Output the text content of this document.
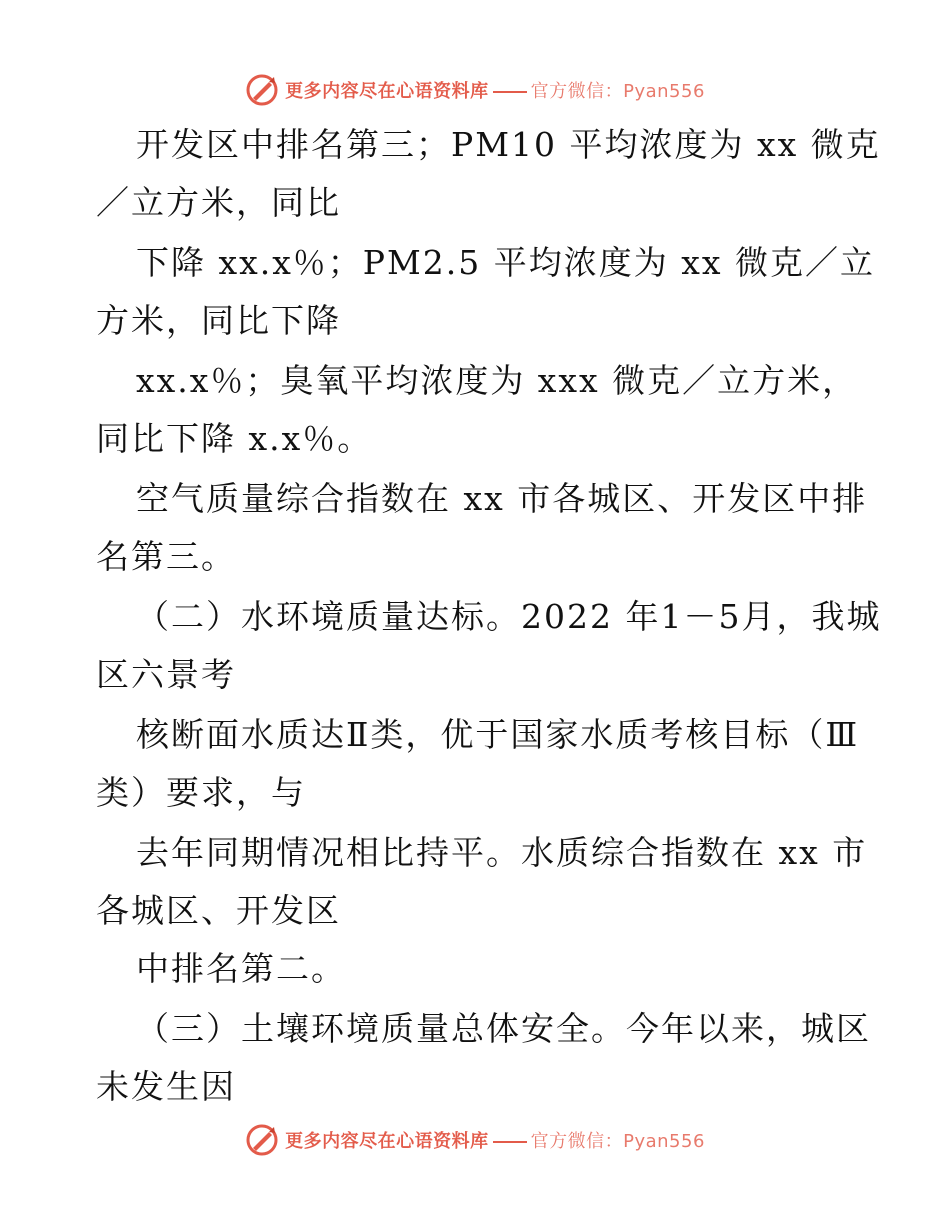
更多内容尽在心语资料库 官方微信：Pyan556
开发区中排名第三；PM10 平均浓度为 xx 微克
／立方米，同比
下降 xx.x％；PM2.5 平均浓度为 xx 微克／立
方米，同比下降
xx.x％；臭氧平均浓度为 xxx 微克／立方米，
同比下降 x.x％。
空气质量综合指数在 xx 市各城区、开发区中排
名第三。
（二）水环境质量达标。2022 年1－5月，我城
区六景考
核断面水质达Ⅱ类，优于国家水质考核目标（Ⅲ
类）要求，与
去年同期情况相比持平。水质综合指数在 xx 市
各城区、开发区
中排名第二。
（三）土壤环境质量总体安全。今年以来，城区
未发生因
更多内容尽在心语资料库 官方微信：Pyan556
